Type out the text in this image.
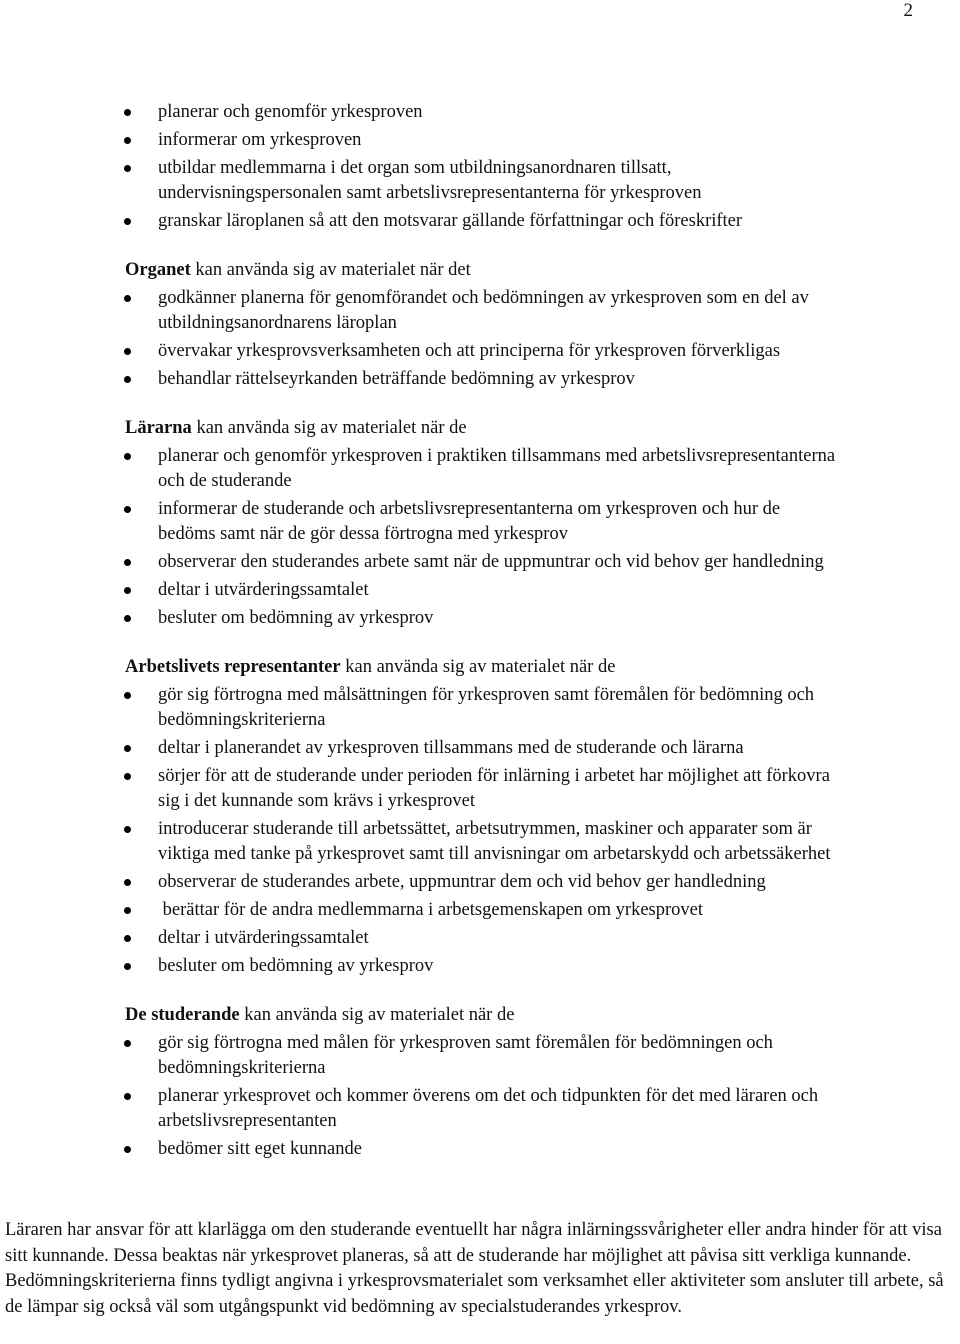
2
planerar och genomför yrkesproven
informerar om yrkesproven
utbildar medlemmarna i det organ som utbildningsanordnaren tillsatt,
undervisningspersonalen samt arbetslivsrepresentanterna för yrkesproven
granskar läroplanen så att den motsvarar gällande författningar och föreskrifter
Organet kan använda sig av materialet när det
godkänner planerna för genomförandet och bedömningen av yrkesproven som en del av
utbildningsanordnarens läroplan
övervakar yrkesprovsverksamheten och att principerna för yrkesproven förverkligas
behandlar rättelseyrkanden beträffande bedömning av yrkesprov
Lärarna kan använda sig av materialet när de
planerar och genomför yrkesproven i praktiken tillsammans med arbetslivsrepresentanterna
och de studerande
informerar de studerande och arbetslivsrepresentanterna om yrkesproven och hur de
bedöms samt när de gör dessa förtrogna med yrkesprov
observerar den studerandes arbete samt när de uppmuntrar och vid behov ger handledning
deltar i utvärderingssamtalet
besluter om bedömning av yrkesprov
Arbetslivets representanter kan använda sig av materialet när de
gör sig förtrogna med målsättningen för yrkesproven samt föremålen för bedömning och
bedömningskriterierna
deltar i planerandet av yrkesproven tillsammans med de studerande och lärarna
sörjer för att de studerande under perioden för inlärning i arbetet har möjlighet att förkovra
sig i det kunnande som krävs i yrkesprovet
introducerar studerande till arbetssättet, arbetsutrymmen, maskiner och apparater som är
viktiga med tanke på yrkesprovet samt till anvisningar om arbetarskydd och arbetssäkerhet
observerar de studerandes arbete, uppmuntrar dem och vid behov ger handledning
berättar för de andra medlemmarna i arbetsgemenskapen om yrkesprovet
deltar i utvärderingssamtalet
besluter om bedömning av yrkesprov
De studerande kan använda sig av materialet när de
gör sig förtrogna med målen för yrkesproven samt föremålen för bedömningen och
bedömningskriterierna
planerar yrkesprovet och kommer överens om det och tidpunkten för det med läraren och
arbetslivsrepresentanten
bedömer sitt eget kunnande

Läraren har ansvar för att klarlägga om den studerande eventuellt har några inlärningssvårigheter eller andra hinder för att visa sitt kunnande. Dessa beaktas när yrkesprovet planeras, så att de studerande har möjlighet att påvisa sitt verkliga kunnande. Bedömningskriterierna finns tydligt angivna i yrkesprovsmaterialet som verksamhet eller aktiviteter som ansluter till arbete, så de lämpar sig också väl som utgångspunkt vid bedömning av specialstuderandes yrkesprov.
